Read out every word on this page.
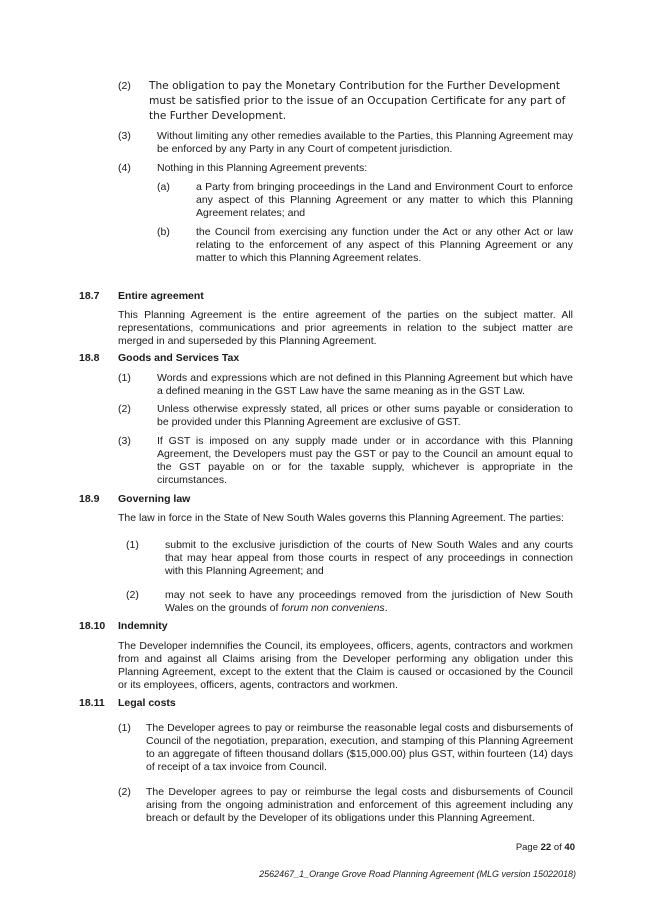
(2) The obligation to pay the Monetary Contribution for the Further Development must be satisfied prior to the issue of an Occupation Certificate for any part of the Further Development.
(3) Without limiting any other remedies available to the Parties, this Planning Agreement may be enforced by any Party in any Court of competent jurisdiction.
(4) Nothing in this Planning Agreement prevents:
(a) a Party from bringing proceedings in the Land and Environment Court to enforce any aspect of this Planning Agreement or any matter to which this Planning Agreement relates; and
(b) the Council from exercising any function under the Act or any other Act or law relating to the enforcement of any aspect of this Planning Agreement or any matter to which this Planning Agreement relates.
18.7 Entire agreement
This Planning Agreement is the entire agreement of the parties on the subject matter. All representations, communications and prior agreements in relation to the subject matter are merged in and superseded by this Planning Agreement.
18.8 Goods and Services Tax
(1) Words and expressions which are not defined in this Planning Agreement but which have a defined meaning in the GST Law have the same meaning as in the GST Law.
(2) Unless otherwise expressly stated, all prices or other sums payable or consideration to be provided under this Planning Agreement are exclusive of GST.
(3) If GST is imposed on any supply made under or in accordance with this Planning Agreement, the Developers must pay the GST or pay to the Council an amount equal to the GST payable on or for the taxable supply, whichever is appropriate in the circumstances.
18.9 Governing law
The law in force in the State of New South Wales governs this Planning Agreement. The parties:
(1) submit to the exclusive jurisdiction of the courts of New South Wales and any courts that may hear appeal from those courts in respect of any proceedings in connection with this Planning Agreement; and
(2) may not seek to have any proceedings removed from the jurisdiction of New South Wales on the grounds of forum non conveniens.
18.10 Indemnity
The Developer indemnifies the Council, its employees, officers, agents, contractors and workmen from and against all Claims arising from the Developer performing any obligation under this Planning Agreement, except to the extent that the Claim is caused or occasioned by the Council or its employees, officers, agents, contractors and workmen.
18.11 Legal costs
(1) The Developer agrees to pay or reimburse the reasonable legal costs and disbursements of Council of the negotiation, preparation, execution, and stamping of this Planning Agreement to an aggregate of fifteen thousand dollars ($15,000.00) plus GST, within fourteen (14) days of receipt of a tax invoice from Council.
(2) The Developer agrees to pay or reimburse the legal costs and disbursements of Council arising from the ongoing administration and enforcement of this agreement including any breach or default by the Developer of its obligations under this Planning Agreement.
Page 22 of 40
2562467_1_Orange Grove Road Planning Agreement (MLG version 15022018)
